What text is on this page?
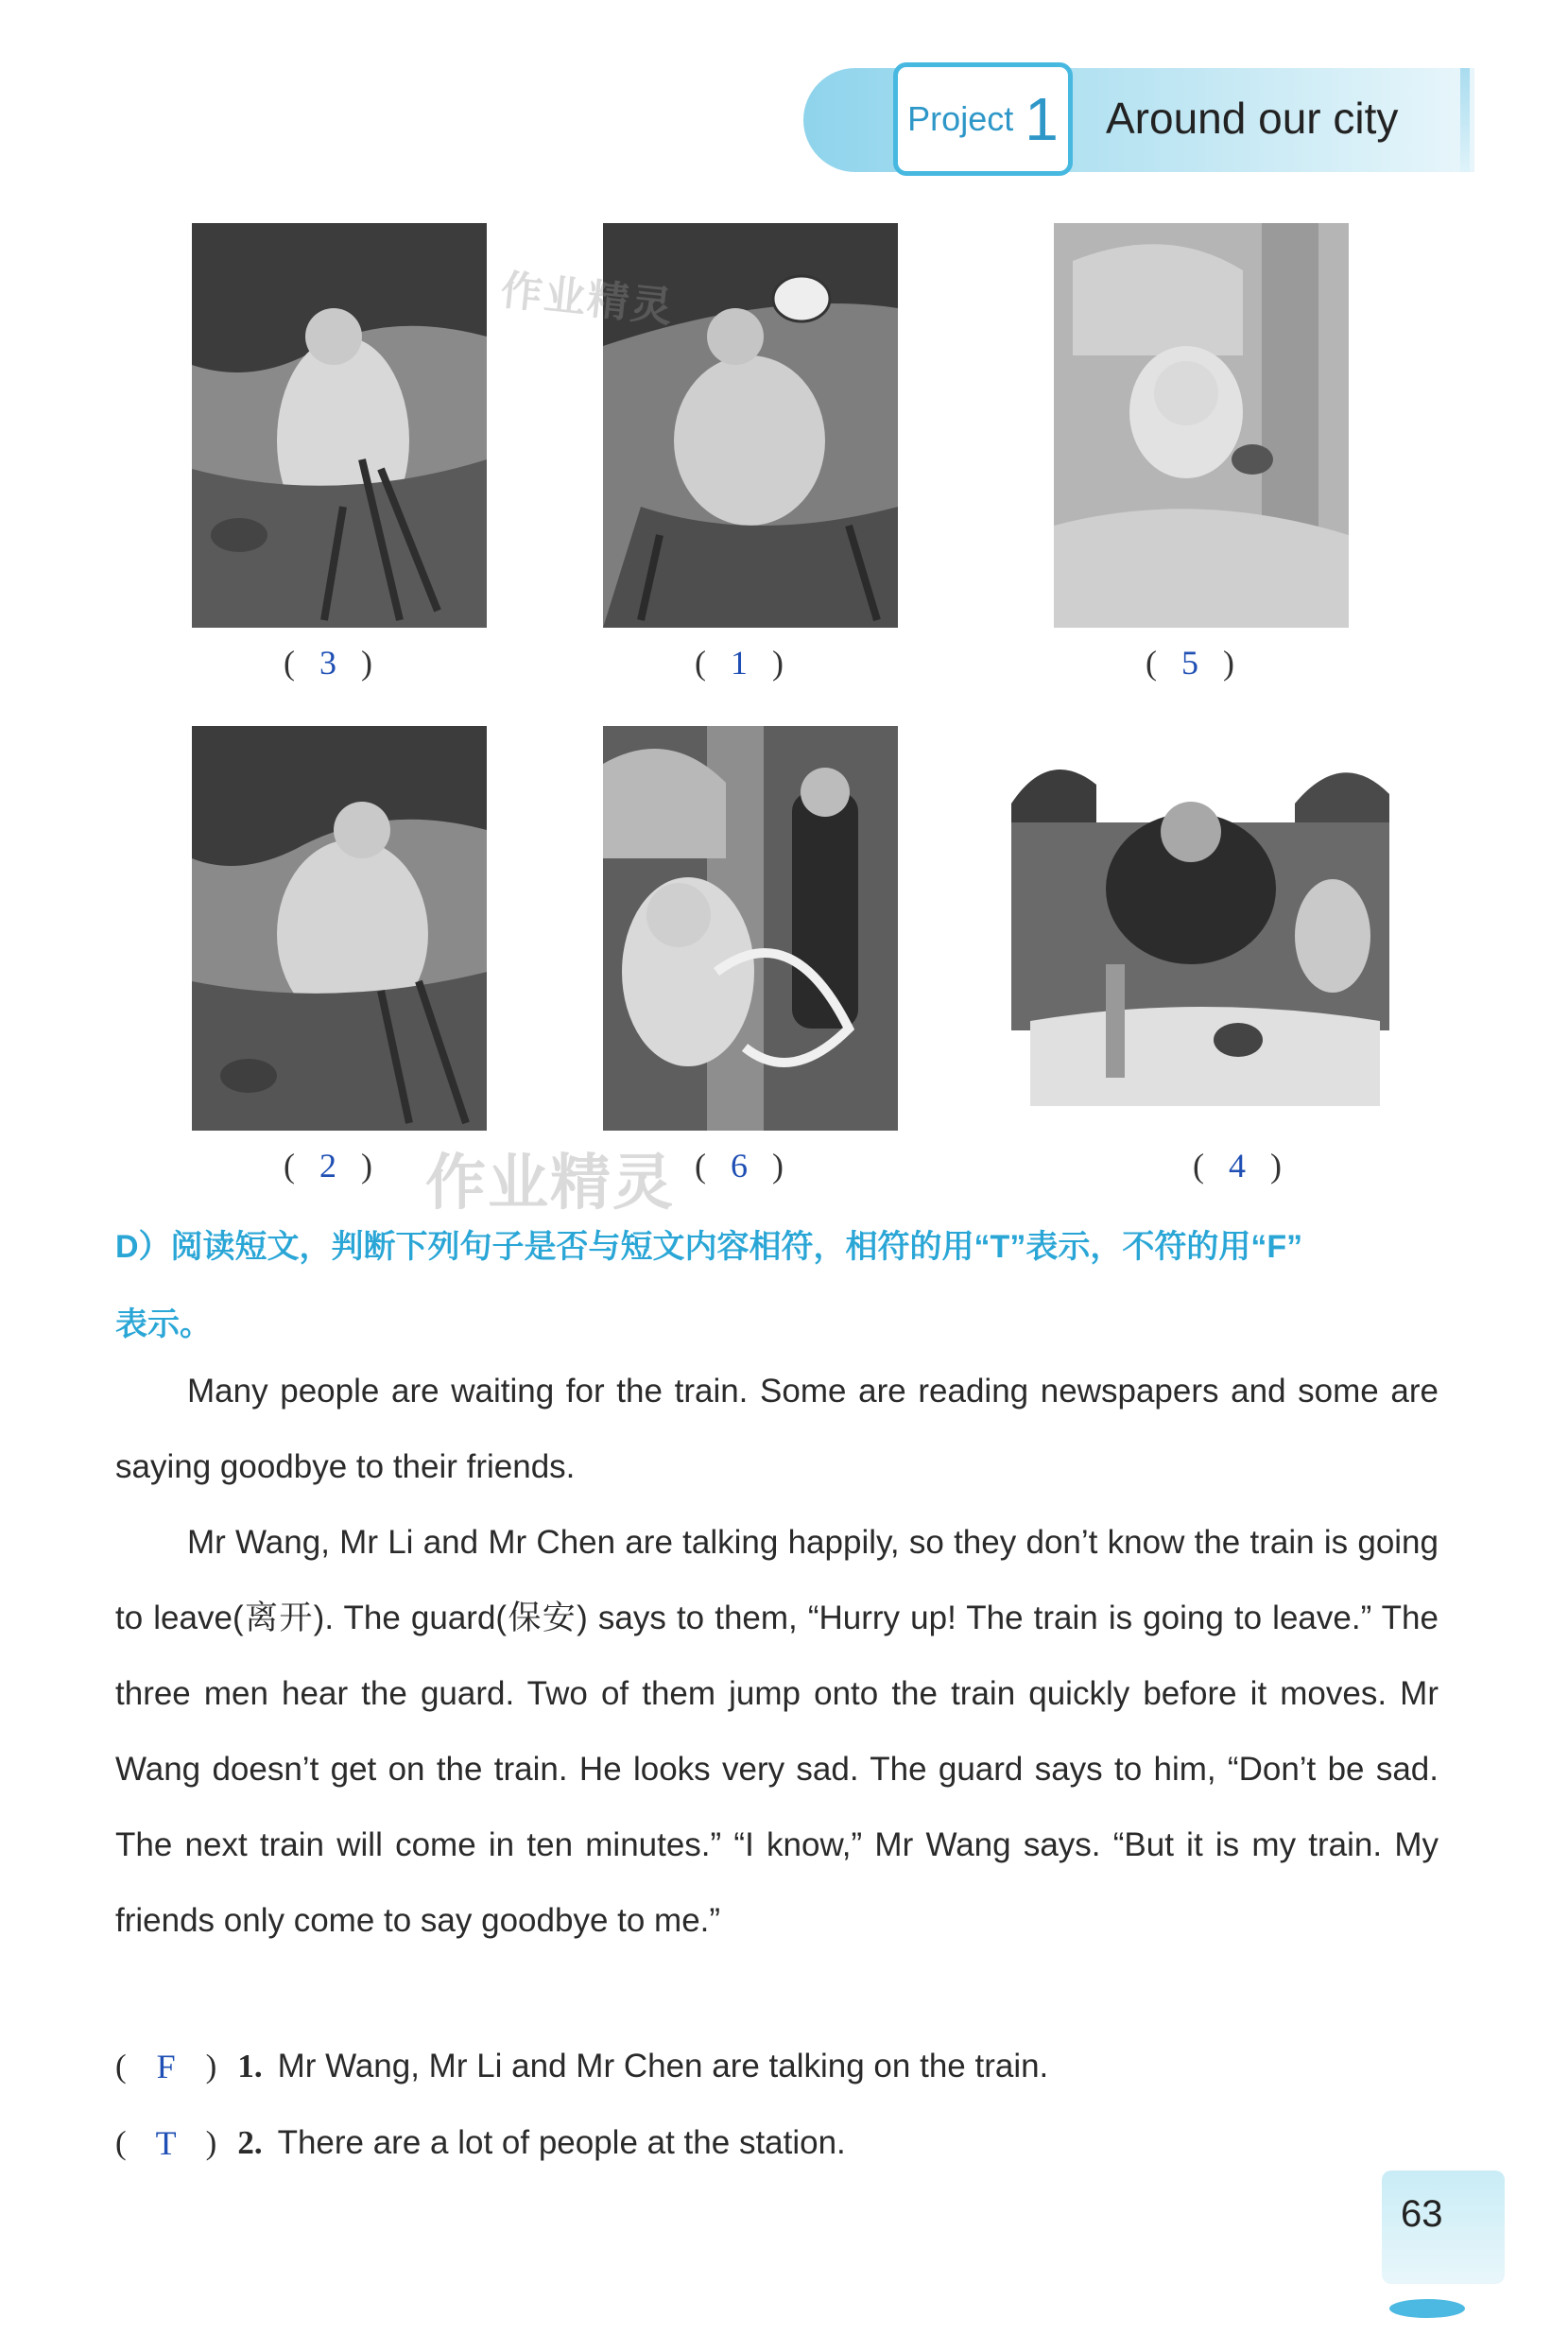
Project 1 Around our city
( 3 )	( 1 )	( 5 )
( 2 )	( 6 )	( 4 )
作业精灵
作业精灵
D）阅读短文，判断下列句子是否与短文内容相符，相符的用“T”表示，不符的用“F”
表示。

Many people are waiting for the train. Some are reading newspapers and some are saying goodbye to their friends.

Mr Wang, Mr Li and Mr Chen are talking happily, so they don’t know the train is going to leave(离开). The guard(保安) says to them, “Hurry up! The train is going to leave.” The three men hear the guard. Two of them jump onto the train quickly before it moves. Mr Wang doesn’t get on the train. He looks very sad. The guard says to him, “Don’t be sad. The next train will come in ten minutes.” “I know,” Mr Wang says. “But it is my train. My friends only come to say goodbye to me.”

( F ) 1. Mr Wang, Mr Li and Mr Chen are talking on the train.
( T ) 2. There are a lot of people at the station.
63
